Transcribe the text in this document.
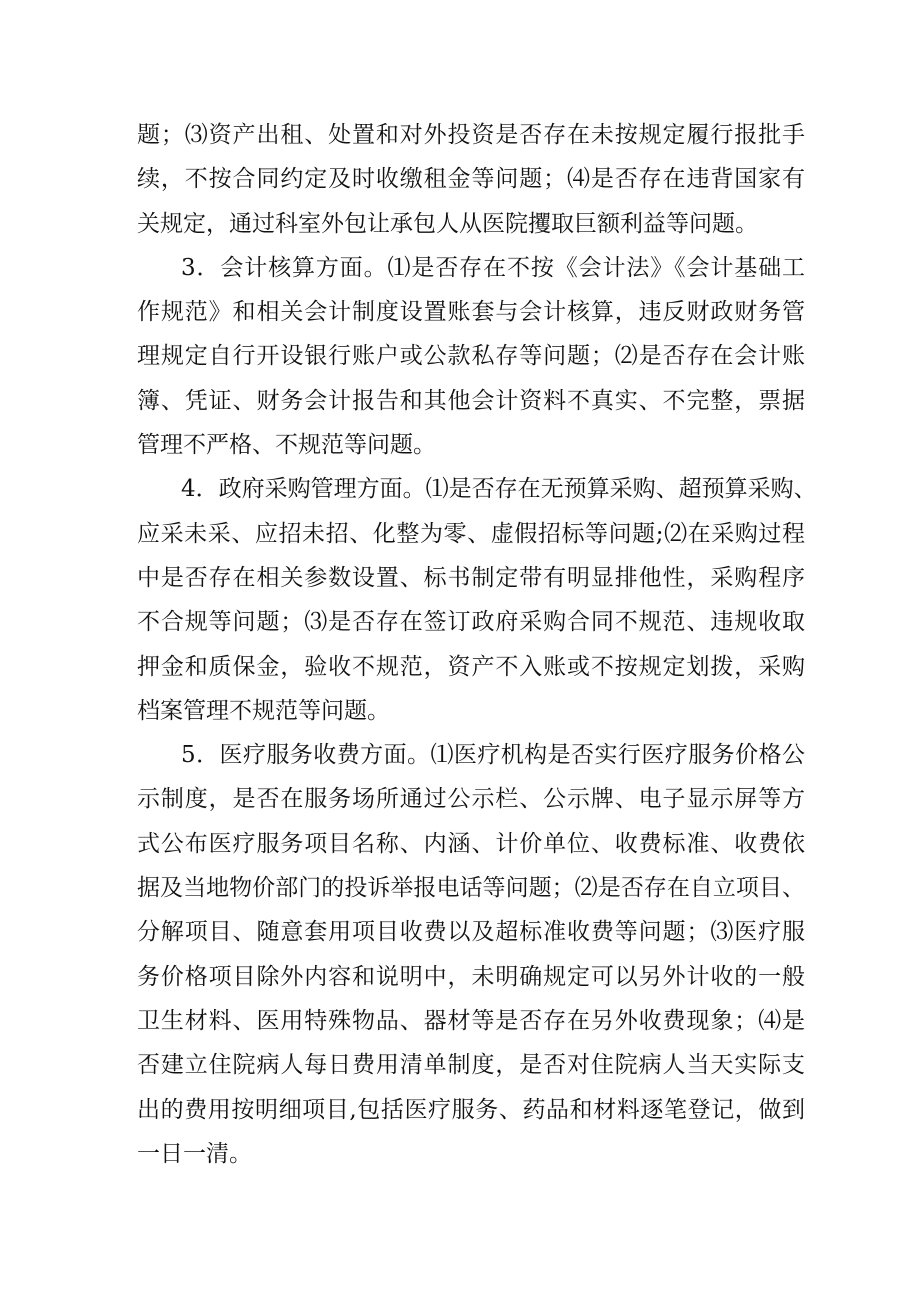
题；⑶资产出租、处置和对外投资是否存在未按规定履行报批手
续，不按合同约定及时收缴租金等问题；⑷是否存在违背国家有
关规定，通过科室外包让承包人从医院攫取巨额利益等问题。
3．会计核算方面。⑴是否存在不按《会计法》《会计基础工
作规范》和相关会计制度设置账套与会计核算，违反财政财务管
理规定自行开设银行账户或公款私存等问题；⑵是否存在会计账
簿、凭证、财务会计报告和其他会计资料不真实、不完整，票据
管理不严格、不规范等问题。
4．政府采购管理方面。⑴是否存在无预算采购、超预算采购、
应采未采、应招未招、化整为零、虚假招标等问题;⑵在采购过程
中是否存在相关参数设置、标书制定带有明显排他性，采购程序
不合规等问题；⑶是否存在签订政府采购合同不规范、违规收取
押金和质保金，验收不规范，资产不入账或不按规定划拨，采购
档案管理不规范等问题。
5．医疗服务收费方面。⑴医疗机构是否实行医疗服务价格公
示制度，是否在服务场所通过公示栏、公示牌、电子显示屏等方
式公布医疗服务项目名称、内涵、计价单位、收费标准、收费依
据及当地物价部门的投诉举报电话等问题；⑵是否存在自立项目、
分解项目、随意套用项目收费以及超标准收费等问题；⑶医疗服
务价格项目除外内容和说明中，未明确规定可以另外计收的一般
卫生材料、医用特殊物品、器材等是否存在另外收费现象；⑷是
否建立住院病人每日费用清单制度，是否对住院病人当天实际支
出的费用按明细项目,包括医疗服务、药品和材料逐笔登记，做到
一日一清。
